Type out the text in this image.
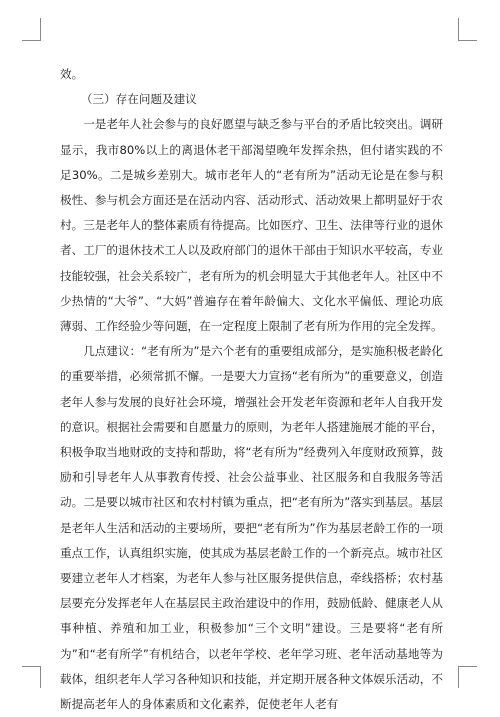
效。

（三）存在问题及建议

一是老年人社会参与的良好愿望与缺乏参与平台的矛盾比较突出。调研显示，我市80%以上的离退休老干部渴望晚年发挥余热，但付诸实践的不足30%。二是城乡差别大。城市老年人的“老有所为”活动无论是在参与积极性、参与机会方面还是在活动内容、活动形式、活动效果上都明显好于农村。三是老年人的整体素质有待提高。比如医疗、卫生、法律等行业的退休者、工厂的退休技术工人以及政府部门的退休干部由于知识水平较高，专业技能较强，社会关系较广，老有所为的机会明显大于其他老年人。社区中不少热情的“大爷”、“大妈”普遍存在着年龄偏大、文化水平偏低、理论功底薄弱、工作经验少等问题，在一定程度上限制了老有所为作用的完全发挥。

几点建议：“老有所为”是六个老有的重要组成部分，是实施积极老龄化的重要举措，必须常抓不懈。一是要大力宣扬“老有所为”的重要意义，创造老年人参与发展的良好社会环境，增强社会开发老年资源和老年人自我开发的意识。根据社会需要和自愿量力的原则，为老年人搭建施展才能的平台，积极争取当地财政的支持和帮助，将“老有所为”经费列入年度财政预算，鼓励和引导老年人从事教育传授、社会公益事业、社区服务和自我服务等活动。二是要以城市社区和农村村镇为重点，把“老有所为”落实到基层。基层是老年人生活和活动的主要场所，要把“老有所为”作为基层老龄工作的一项重点工作，认真组织实施，使其成为基层老龄工作的一个新亮点。城市社区要建立老年人才档案，为老年人参与社区服务提供信息，牵线搭桥；农村基层要充分发挥老年人在基层民主政治建设中的作用，鼓励低龄、健康老人从事种植、养殖和加工业，积极参加“三个文明”建设。三是要将“老有所为”和“老有所学”有机结合，以老年学校、老年学习班、老年活动基地等为载体，组织老年人学习各种知识和技能，并定期开展各种文体娱乐活动，不断提高老年人的身体素质和文化素养，促使老年人老有
